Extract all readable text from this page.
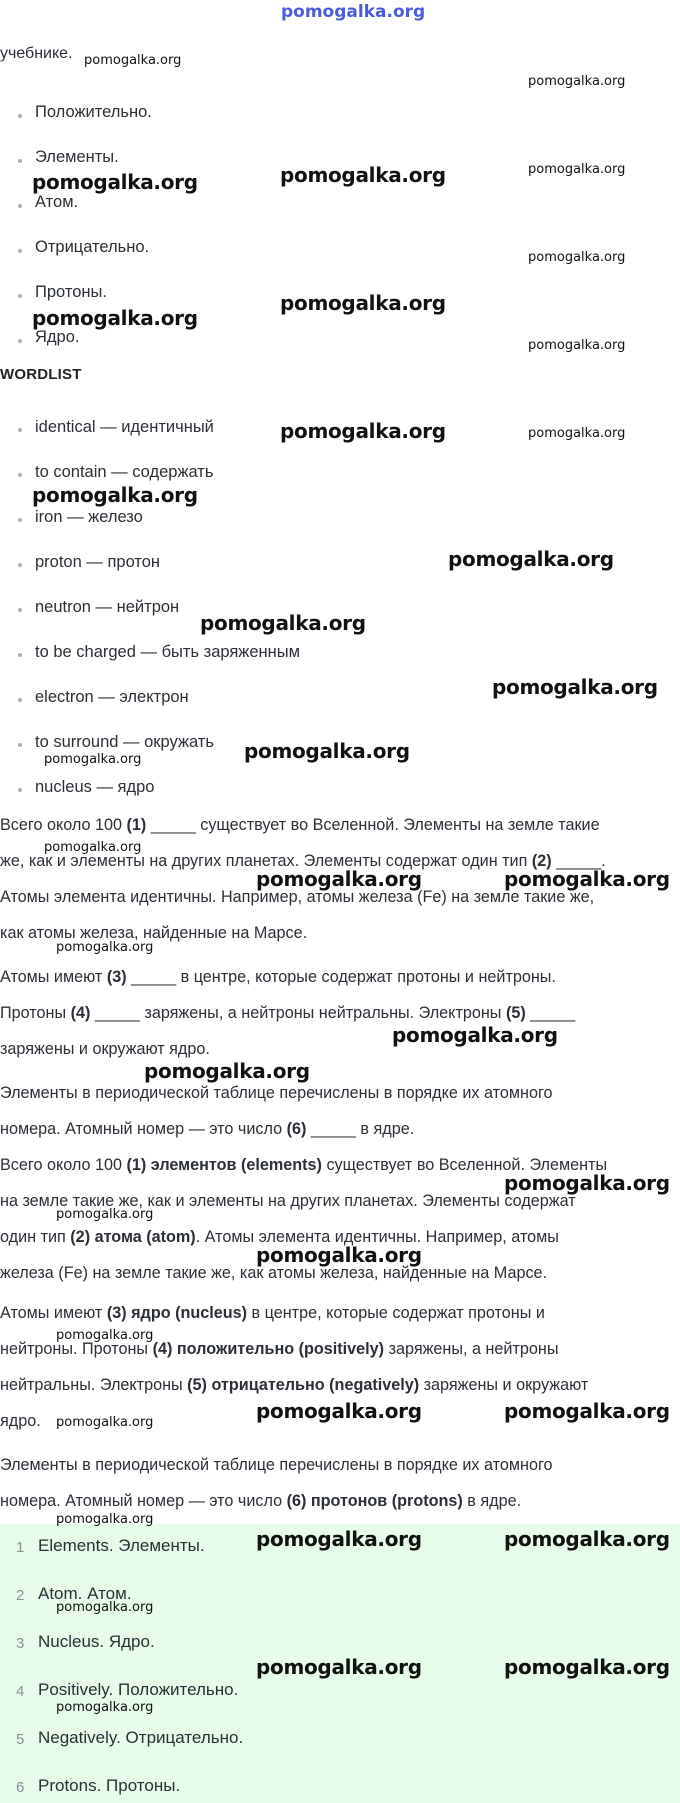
pomogalka.org
учебнике.
Положительно.
Элементы.
Атом.
Отрицательно.
Протоны.
Ядро.
WORDLIST
identical — идентичный
to contain — содержать
iron — железо
proton — протон
neutron — нейтрон
to be charged — быть заряженным
electron — электрон
to surround — окружать
nucleus — ядро
Всего около 100 (1) _____ существует во Вселенной. Элементы на земле такие
же, как и элементы на других планетах. Элементы содержат один тип (2) _____.
Атомы элемента идентичны. Например, атомы железа (Fe) на земле такие же,
как атомы железа, найденные на Марсе.
Атомы имеют (3) _____ в центре, которые содержат протоны и нейтроны.
Протоны (4) _____ заряжены, а нейтроны нейтральны. Электроны (5) _____
заряжены и окружают ядро.
Элементы в периодической таблице перечислены в порядке их атомного
номера. Атомный номер — это число (6) _____ в ядре.
Всего около 100 (1) элементов (elements) существует во Вселенной. Элементы
на земле такие же, как и элементы на других планетах. Элементы содержат
один тип (2) атома (atom). Атомы элемента идентичны. Например, атомы
железа (Fe) на земле такие же, как атомы железа, найденные на Марсе.
Атомы имеют (3) ядро (nucleus) в центре, которые содержат протоны и
нейтроны. Протоны (4) положительно (positively) заряжены, а нейтроны
нейтральны. Электроны (5) отрицательно (negatively) заряжены и окружают
ядро.
Элементы в периодической таблице перечислены в порядке их атомного
номера. Атомный номер — это число (6) протонов (protons) в ядре.
1 Elements. Элементы.
2 Atom. Атом.
3 Nucleus. Ядро.
4 Positively. Положительно.
5 Negatively. Отрицательно.
6 Protons. Протоны.
pomogalka.org
pomogalka.org
pomogalka.org	pomogalka.org	pomogalka.org
pomogalka.org
pomogalka.org
pomogalka.org
pomogalka.org
pomogalka.org	pomogalka.org
pomogalka.org
pomogalka.org
pomogalka.org
pomogalka.org
pomogalka.org	pomogalka.org
pomogalka.org
pomogalka.org	pomogalka.org
pomogalka.org
pomogalka.org
pomogalka.org
pomogalka.org
pomogalka.org
pomogalka.org
pomogalka.org
pomogalka.org	pomogalka.org
pomogalka.org
pomogalka.org
pomogalka.org	pomogalka.org
pomogalka.org
pomogalka.org	pomogalka.org
pomogalka.org
